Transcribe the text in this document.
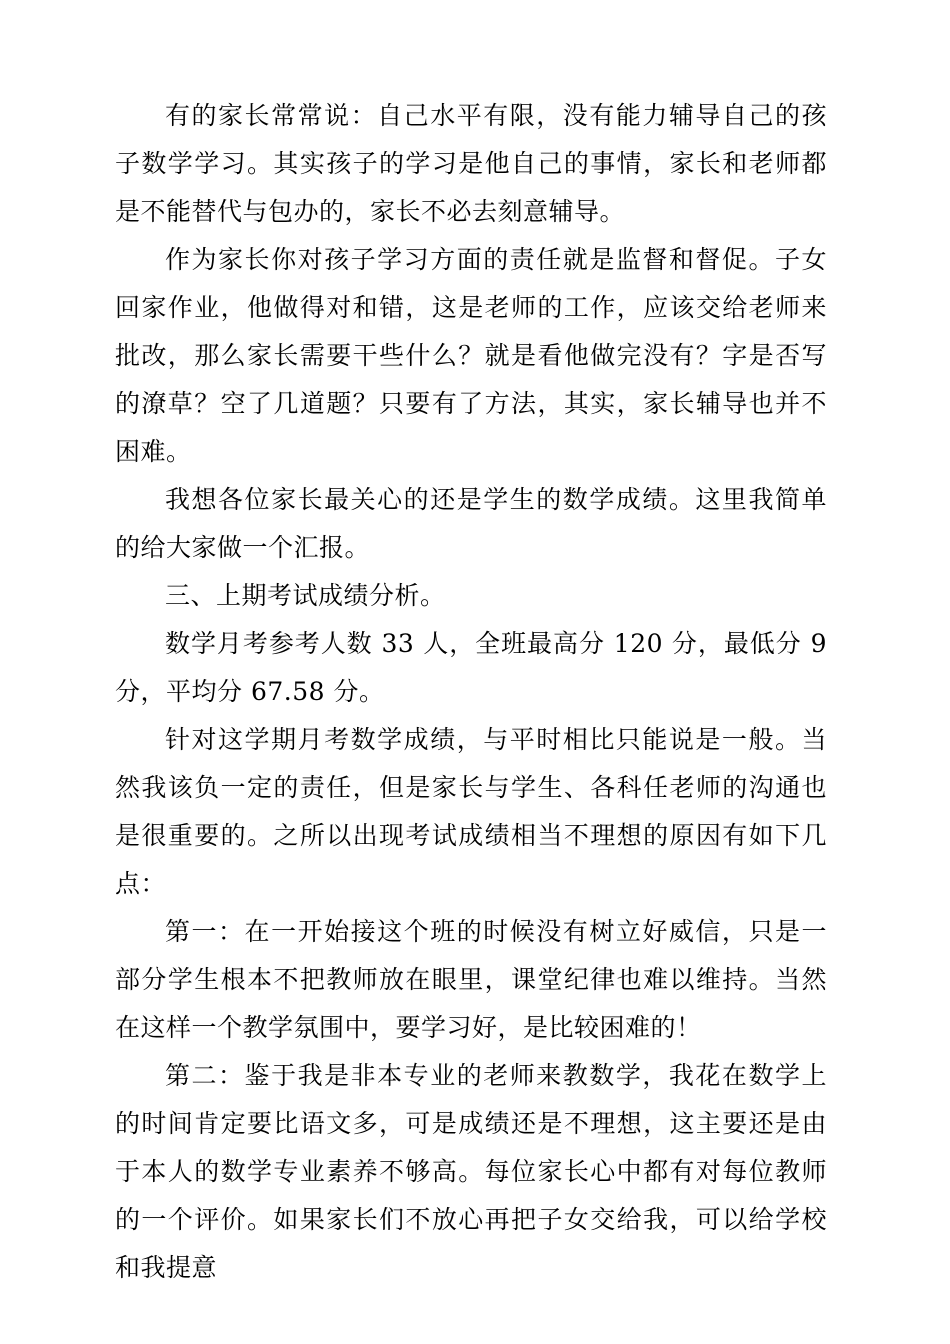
有的家长常常说：自己水平有限，没有能力辅导自己的孩子数学学习。其实孩子的学习是他自己的事情，家长和老师都是不能替代与包办的，家长不必去刻意辅导。

作为家长你对孩子学习方面的责任就是监督和督促。子女回家作业，他做得对和错，这是老师的工作，应该交给老师来批改，那么家长需要干些什么？就是看他做完没有？字是否写的潦草？空了几道题？只要有了方法，其实，家长辅导也并不困难。

我想各位家长最关心的还是学生的数学成绩。这里我简单的给大家做一个汇报。

三、上期考试成绩分析。

数学月考参考人数 33 人，全班最高分 120 分，最低分 9 分，平均分 67.58 分。

针对这学期月考数学成绩，与平时相比只能说是一般。当然我该负一定的责任，但是家长与学生、各科任老师的沟通也是很重要的。之所以出现考试成绩相当不理想的原因有如下几点：

第一：在一开始接这个班的时候没有树立好威信，只是一部分学生根本不把教师放在眼里，课堂纪律也难以维持。当然在这样一个教学氛围中，要学习好，是比较困难的！

第二：鉴于我是非本专业的老师来教数学，我花在数学上的时间肯定要比语文多，可是成绩还是不理想，这主要还是由于本人的数学专业素养不够高。每位家长心中都有对每位教师的一个评价。如果家长们不放心再把子女交给我，可以给学校和我提意
